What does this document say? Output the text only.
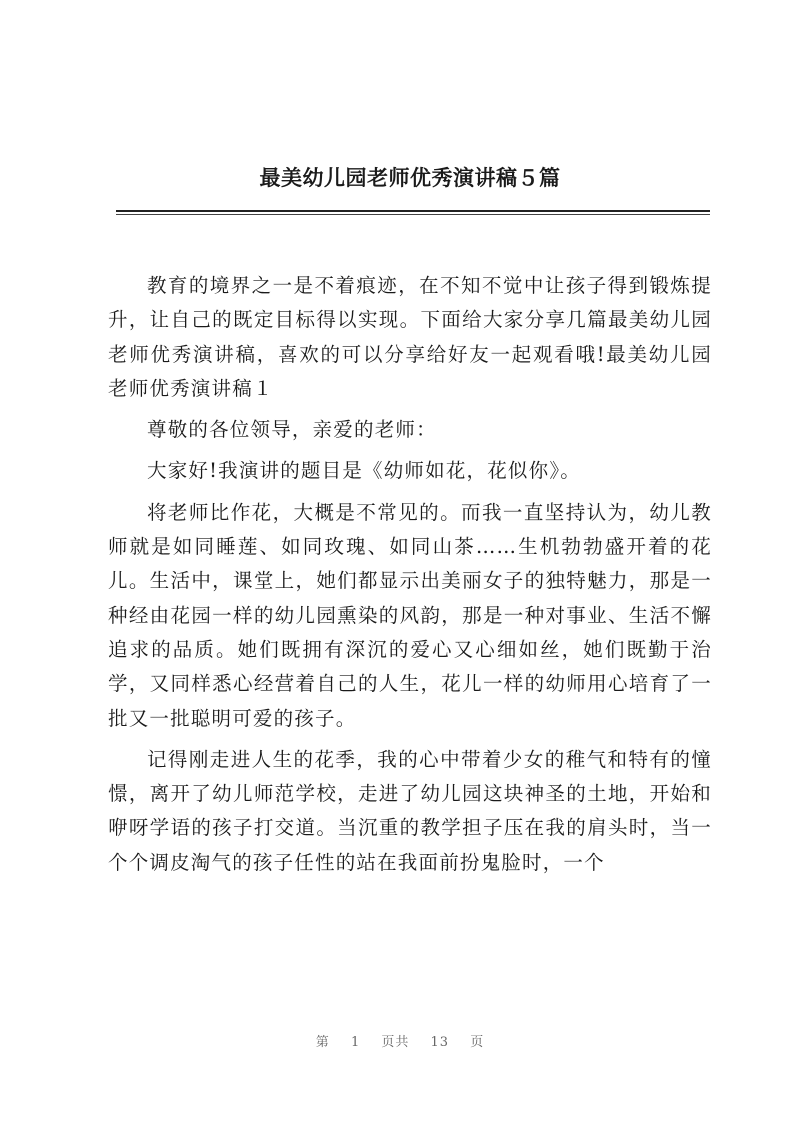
最美幼儿园老师优秀演讲稿５篇

教育的境界之一是不着痕迹，在不知不觉中让孩子得到锻炼提升，让自己的既定目标得以实现。下面给大家分享几篇最美幼儿园老师优秀演讲稿，喜欢的可以分享给好友一起观看哦!最美幼儿园老师优秀演讲稿１

尊敬的各位领导，亲爱的老师：

大家好!我演讲的题目是《幼师如花，花似你》。

将老师比作花，大概是不常见的。而我一直坚持认为，幼儿教师就是如同睡莲、如同玫瑰、如同山茶……生机勃勃盛开着的花儿。生活中，课堂上，她们都显示出美丽女子的独特魅力，那是一种经由花园一样的幼儿园熏染的风韵，那是一种对事业、生活不懈追求的品质。她们既拥有深沉的爱心又心细如丝，她们既勤于治学，又同样悉心经营着自己的人生，花儿一样的幼师用心培育了一批又一批聪明可爱的孩子。

记得刚走进人生的花季，我的心中带着少女的稚气和特有的憧憬，离开了幼儿师范学校，走进了幼儿园这块神圣的土地，开始和咿呀学语的孩子打交道。当沉重的教学担子压在我的肩头时，当一个个调皮淘气的孩子任性的站在我面前扮鬼脸时，一个

第 1 页共 13 页
